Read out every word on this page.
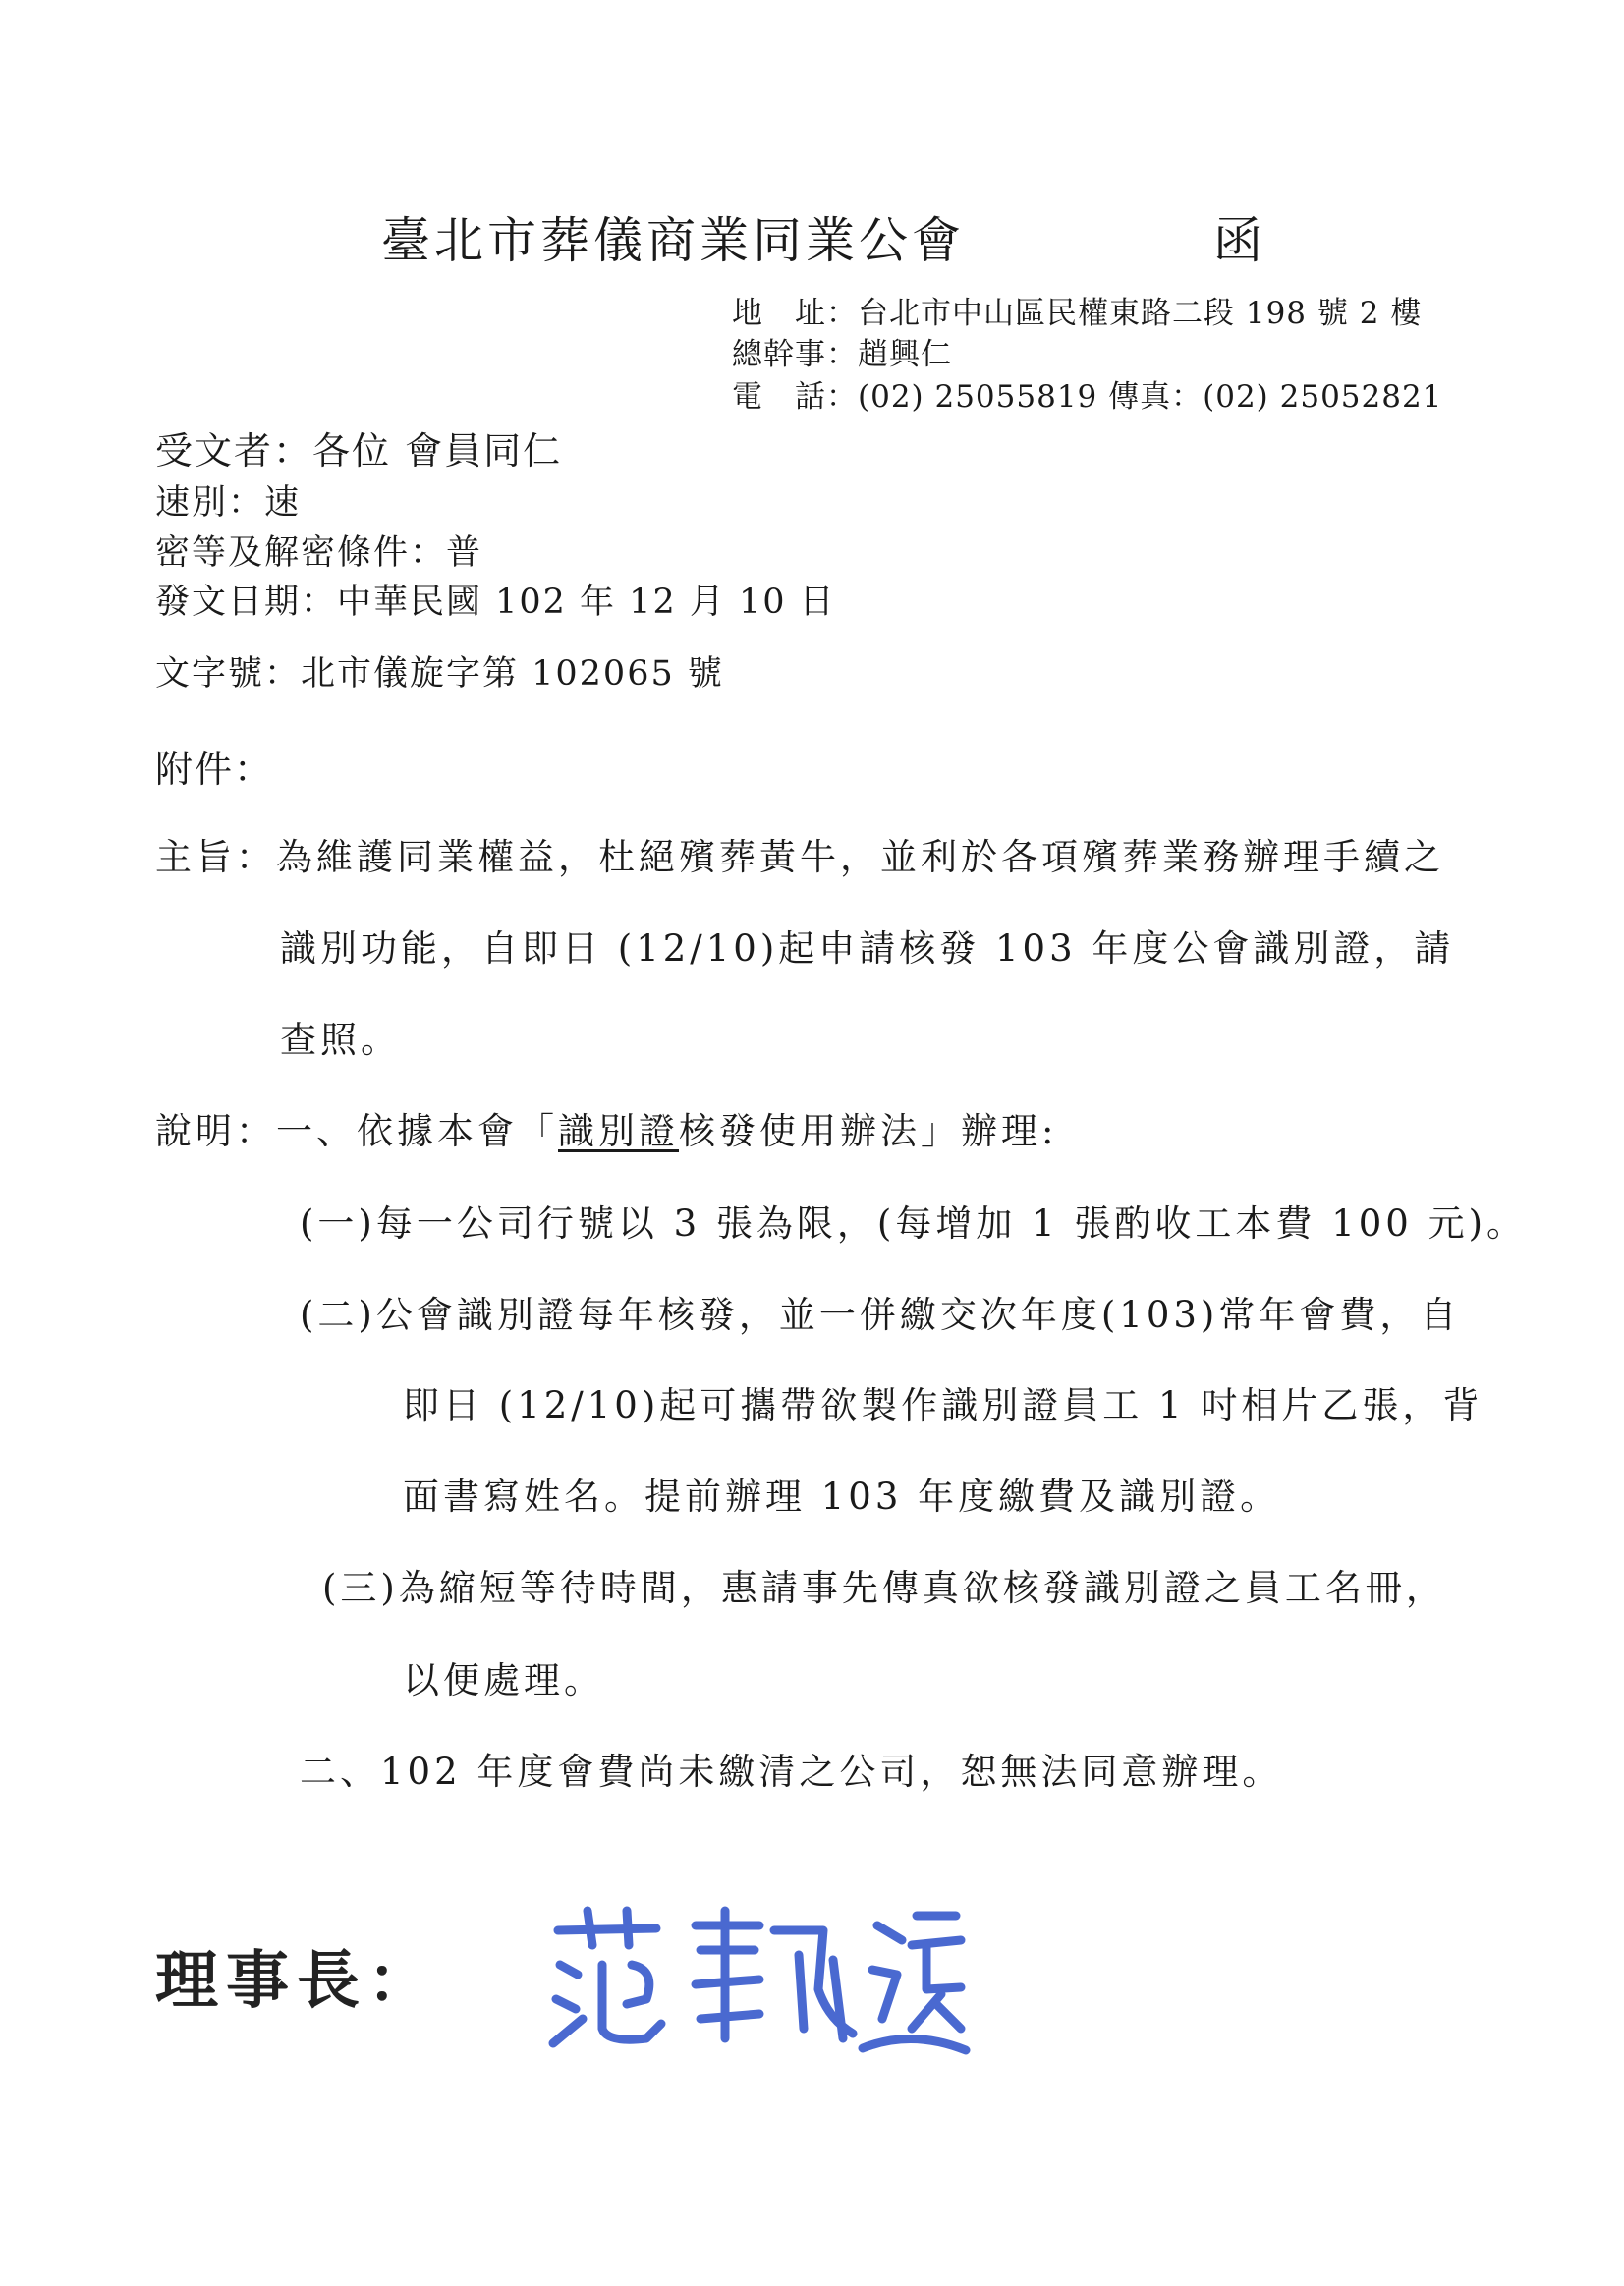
臺北市葬儀商業同業公會	函
地　址：台北市中山區民權東路二段 198 號 2 樓
總幹事：趙興仁
電　話：(02) 25055819 傳真：(02) 25052821
受文者：各位 會員同仁
速別：速
密等及解密條件：普
發文日期：中華民國 102 年 12 月 10 日
文字號：北市儀旋字第 102065 號
附件：
主旨：為維護同業權益，杜絕殯葬黃牛，並利於各項殯葬業務辦理手續之
識別功能，自即日 (12/10)起申請核發 103 年度公會識別證，請
查照。
說明：一、依據本會「識別證核發使用辦法」辦理:
(一)每一公司行號以 3 張為限，(每增加 1 張酌收工本費 100 元)。
(二)公會識別證每年核發，並一併繳交次年度(103)常年會費，自
即日 (12/10)起可攜帶欲製作識別證員工 1 吋相片乙張，背
面書寫姓名。提前辦理 103 年度繳費及識別證。
(三)為縮短等待時間，惠請事先傳真欲核發識別證之員工名冊，
以便處理。
二、102 年度會費尚未繳清之公司，恕無法同意辦理。
理事長：
范凱旋
